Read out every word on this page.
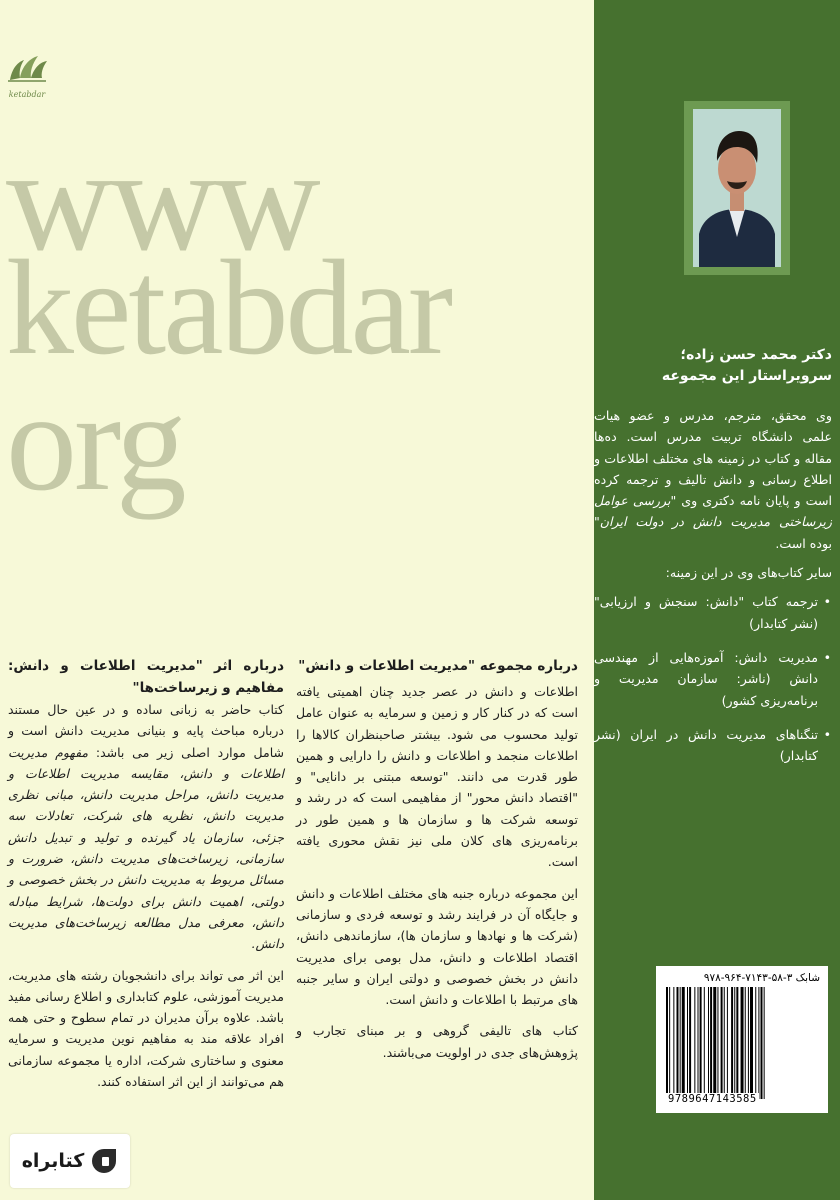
ketabdar
www
ketabdar
org

درباره اثر "مدیریت اطلاعات و دانش: مفاهیم و زیرساخت‌ها"

کتاب حاضر به زبانی ساده و در عین حال مستند درباره مباحث پایه و بنیانی مدیریت دانش است و شامل موارد اصلی زیر می باشد: مفهوم مدیریت اطلاعات و دانش، مقایسه مدیریت اطلاعات و مدیریت دانش، مراحل مدیریت دانش، مبانی نظری مدیریت دانش، نظریه های شرکت، تعادلات سه جزئی، سازمان یاد گیرنده و تولید و تبدیل دانش سازمانی، زیرساخت‌های مدیریت دانش، ضرورت و مسائل مربوط به مدیریت دانش در بخش خصوصی و دولتی، اهمیت دانش برای دولت‌ها، شرایط مبادله دانش، معرفی مدل مطالعه زیرساخت‌های مدیریت دانش.

این اثر می تواند برای دانشجویان رشته های مدیریت، مدیریت آموزشی، علوم کتابداری و اطلاع رسانی مفید باشد. علاوه برآن مدیران در تمام سطوح و حتی همه افراد علاقه مند به مفاهیم نوین مدیریت و سرمایه معنوی و ساختاری شرکت، اداره یا مجموعه سازمانی هم می‌توانند از این اثر استفاده کنند.

درباره مجموعه "مدیریت اطلاعات و دانش"

اطلاعات و دانش در عصر جدید چنان اهمیتی یافته است که در کنار کار و زمین و سرمایه به عنوان عامل تولید محسوب می شود. بیشتر صاحبنظران کالاها را اطلاعات منجمد و اطلاعات و دانش را دارایی و همین طور قدرت می دانند. "توسعه مبتنی بر دانایی" و "اقتصاد دانش محور" از مفاهیمی است که در رشد و توسعه شرکت ها و سازمان ها و همین طور در برنامه‌ریزی های کلان ملی نیز نقش محوری یافته است.

این مجموعه درباره جنبه های مختلف اطلاعات و دانش و جایگاه آن در فرایند رشد و توسعه فردی و سازمانی (شرکت ها و نهادها و سازمان ها)، سازماندهی دانش، اقتصاد اطلاعات و دانش، مدل بومی برای مدیریت دانش در بخش خصوصی و دولتی ایران و سایر جنبه های مرتبط با اطلاعات و دانش است.

کتاب های تالیفی گروهی و بر مبنای تجارب و پژوهش‌های جدی در اولویت می‌باشند.

کتابراه

دکتر محمد حسن زاده؛
سرویراستار این مجموعه

وی محقق، مترجم، مدرس و عضو هیات علمی دانشگاه تربیت مدرس است. ده‌ها مقاله و کتاب در زمینه های مختلف اطلاعات و اطلاع رسانی و دانش تالیف و ترجمه کرده است و پایان نامه دکتری وی "بررسی عوامل زیرساختی مدیریت دانش در دولت ایران" بوده است.

سایر کتاب‌های وی در این زمینه:

• ترجمه کتاب "دانش: سنجش و ارزیابی" (نشر کتابدار)
• مدیریت دانش: آموزه‌هایی از مهندسی دانش (ناشر: سازمان مدیریت و برنامه‌ریزی کشور)
• تنگناهای مدیریت دانش در ایران (نشر کتابدار)
شابک ۳-۵۸-۷۱۴۳-۹۶۴-۹۷۸
9789647143585
